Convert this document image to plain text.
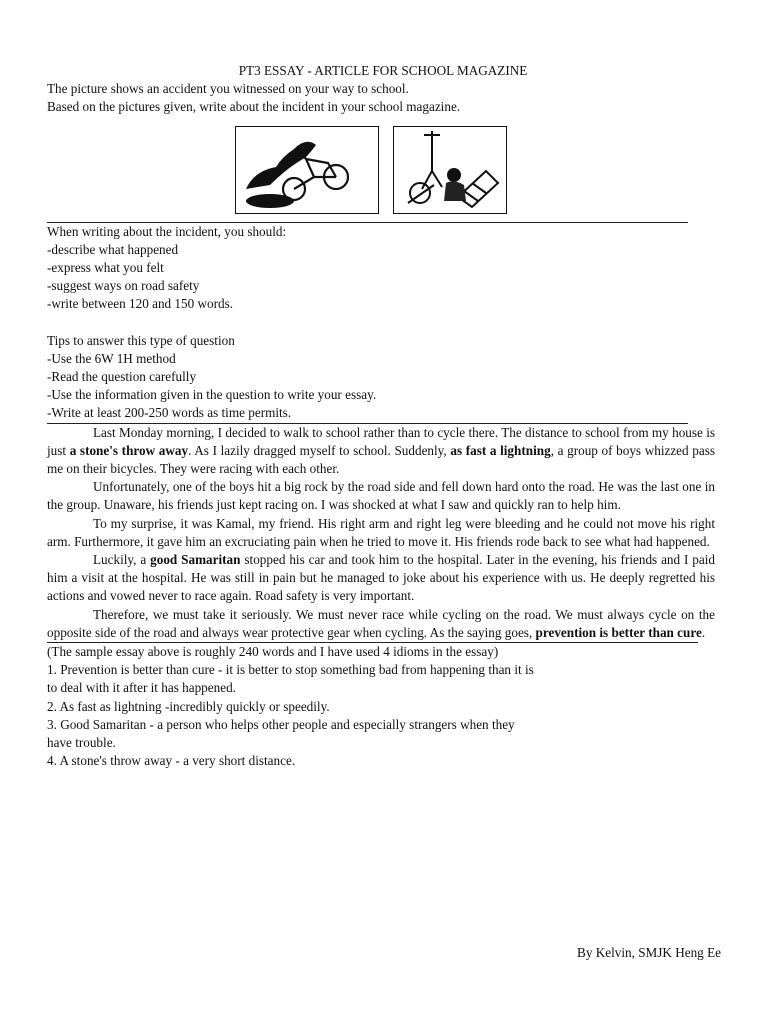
PT3 ESSAY - ARTICLE FOR SCHOOL MAGAZINE
The picture shows an accident you witnessed on your way to school.
Based on the pictures given, write about the incident in your school magazine.
When writing about the incident, you should:
-describe what happened
-express what you felt
-suggest ways on road safety
-write between 120 and 150 words.
Tips to answer this type of question
-Use the 6W 1H method
-Read the question carefully
-Use the information given in the question to write your essay.
-Write at least 200-250 words as time permits.
Last Monday morning, I decided to walk to school rather than to cycle there. The distance to school from my house is just a stone's throw away. As I lazily dragged myself to school. Suddenly, as fast a lightning, a group of boys whizzed pass me on their bicycles. They were racing with each other.
Unfortunately, one of the boys hit a big rock by the road side and fell down hard onto the road. He was the last one in the group. Unaware, his friends just kept racing on. I was shocked at what I saw and quickly ran to help him.
To my surprise, it was Kamal, my friend. His right arm and right leg were bleeding and he could not move his right arm. Furthermore, it gave him an excruciating pain when he tried to move it. His friends rode back to see what had happened.
Luckily, a good Samaritan stopped his car and took him to the hospital. Later in the evening, his friends and I paid him a visit at the hospital. He was still in pain but he managed to joke about his experience with us. He deeply regretted his actions and vowed never to race again. Road safety is very important.
Therefore, we must take it seriously. We must never race while cycling on the road. We must always cycle on the opposite side of the road and always wear protective gear when cycling. As the saying goes, prevention is better than cure.
(The sample essay above is roughly 240 words and I have used 4 idioms in the essay)
1. Prevention is better than cure - it is better to stop something bad from happening than it is to deal with it after it has happened.
2. As fast as lightning -incredibly quickly or speedily.
3. Good Samaritan - a person who helps other people and especially strangers when they have trouble.
4. A stone's throw away - a very short distance.
By Kelvin, SMJK Heng Ee
